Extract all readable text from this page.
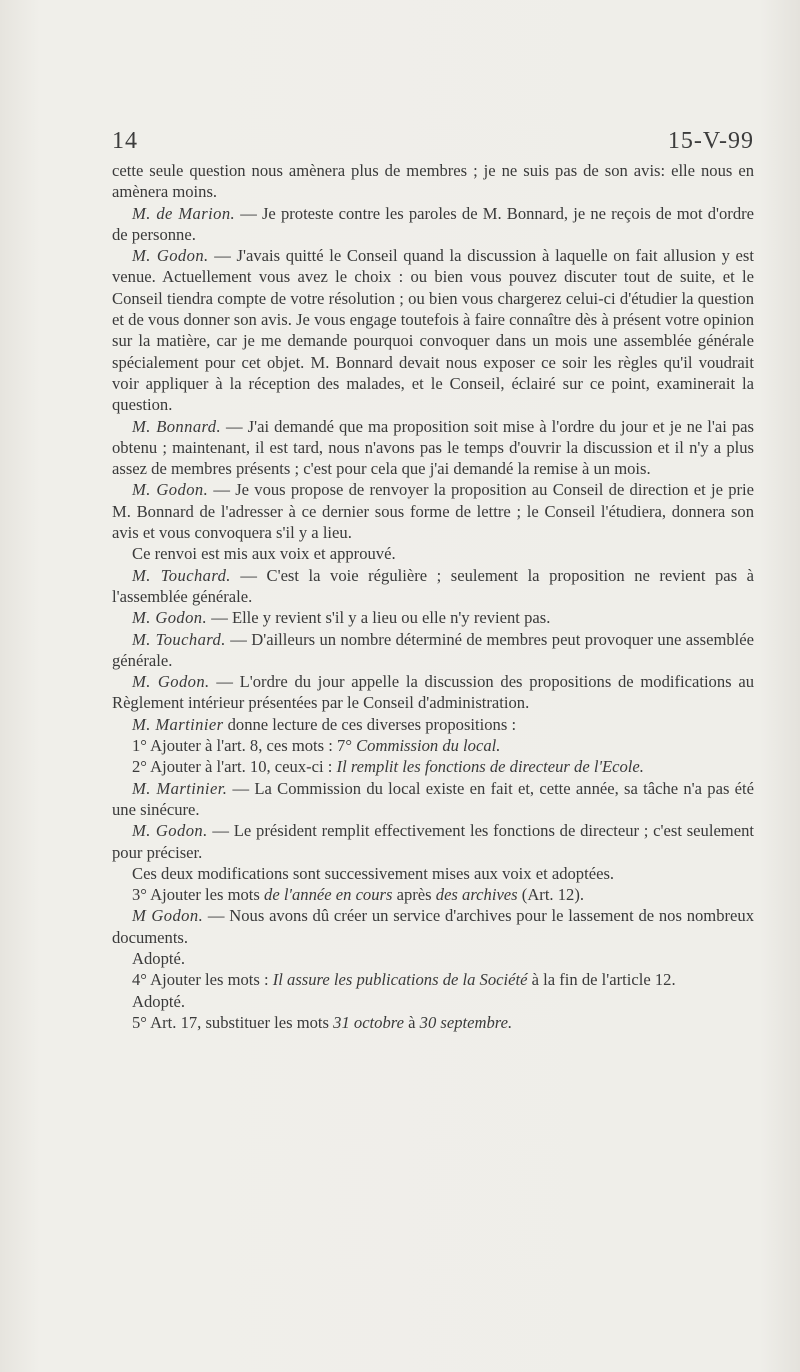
14	15-V-99

cette seule question nous amènera plus de membres ; je ne suis pas de son avis: elle nous en amènera moins.

M. de Marion. — Je proteste contre les paroles de M. Bonnard, je ne reçois de mot d'ordre de personne.

M. Godon. — J'avais quitté le Conseil quand la discussion à laquelle on fait allusion y est venue. Actuellement vous avez le choix : ou bien vous pouvez discuter tout de suite, et le Conseil tiendra compte de votre résolution ; ou bien vous chargerez celui-ci d'étudier la question et de vous donner son avis. Je vous engage toutefois à faire connaître dès à présent votre opinion sur la matière, car je me demande pourquoi convoquer dans un mois une assemblée générale spécialement pour cet objet. M. Bonnard devait nous exposer ce soir les règles qu'il voudrait voir appliquer à la réception des malades, et le Conseil, éclairé sur ce point, examinerait la question.

M. Bonnard. — J'ai demandé que ma proposition soit mise à l'ordre du jour et je ne l'ai pas obtenu ; maintenant, il est tard, nous n'avons pas le temps d'ouvrir la discussion et il n'y a plus assez de membres présents ; c'est pour cela que j'ai demandé la remise à un mois.

M. Godon. — Je vous propose de renvoyer la proposition au Conseil de direction et je prie M. Bonnard de l'adresser à ce dernier sous forme de lettre ; le Conseil l'étudiera, donnera son avis et vous convoquera s'il y a lieu.

Ce renvoi est mis aux voix et approuvé.

M. Touchard. — C'est la voie régulière ; seulement la proposition ne revient pas à l'assemblée générale.

M. Godon. — Elle y revient s'il y a lieu ou elle n'y revient pas.

M. Touchard. — D'ailleurs un nombre déterminé de membres peut provoquer une assemblée générale.

M. Godon. — L'ordre du jour appelle la discussion des propositions de modifications au Règlement intérieur présentées par le Conseil d'administration.

M. Martinier donne lecture de ces diverses propositions :

1° Ajouter à l'art. 8, ces mots : 7° Commission du local.

2° Ajouter à l'art. 10, ceux-ci : Il remplit les fonctions de directeur de l'Ecole.

M. Martinier. — La Commission du local existe en fait et, cette année, sa tâche n'a pas été une sinécure.

M. Godon. — Le président remplit effectivement les fonctions de directeur ; c'est seulement pour préciser.

Ces deux modifications sont successivement mises aux voix et adoptées.

3° Ajouter les mots de l'année en cours après des archives (Art. 12).

M Godon. — Nous avons dû créer un service d'archives pour le lassement de nos nombreux documents.

Adopté.

4° Ajouter les mots : Il assure les publications de la Société à la fin de l'article 12.

Adopté.

5° Art. 17, substituer les mots 31 octobre à 30 septembre.
